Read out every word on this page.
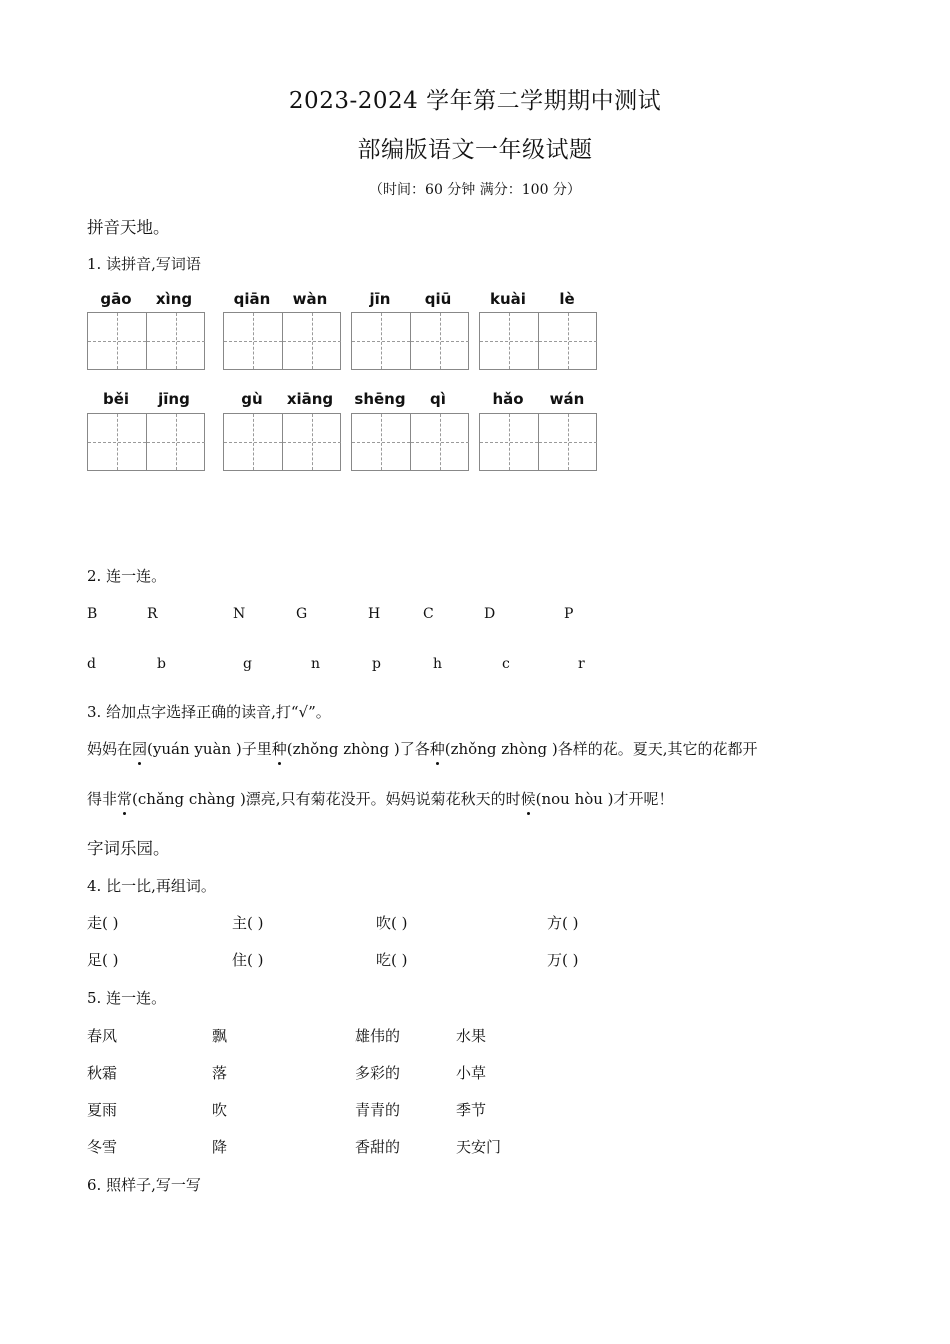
2023-2024 学年第二学期期中测试
部编版语文一年级试题
（时间：60 分钟 满分：100 分）
拼音天地。
1. 读拼音,写词语
gāo	xìng	qiān	wàn	jīn	qiū	kuài	lè
běi	jīng	gù	xiāng	shēng	qì	hǎo	wán
2. 连一连。
B	R	N	G	H	C	D	P
d	b	g	n	p	h	c	r
3. 给加点字选择正确的读音,打“√”。
妈妈在园(yuán yuàn )子里种(zhǒng zhòng )了各种(zhǒng zhòng )各样的花。夏天,其它的花都开
得非常(chǎng chàng )漂亮,只有菊花没开。妈妈说菊花秋天的时候(nou hòu )才开呢！
字词乐园。
4. 比一比,再组词。
走( )	主( )	吹( )	方( )
足( )	住( )	吃( )	万( )
5. 连一连。
春风	飘	雄伟的	水果
秋霜	落	多彩的	小草
夏雨	吹	青青的	季节
冬雪	降	香甜的	天安门
6. 照样子,写一写
